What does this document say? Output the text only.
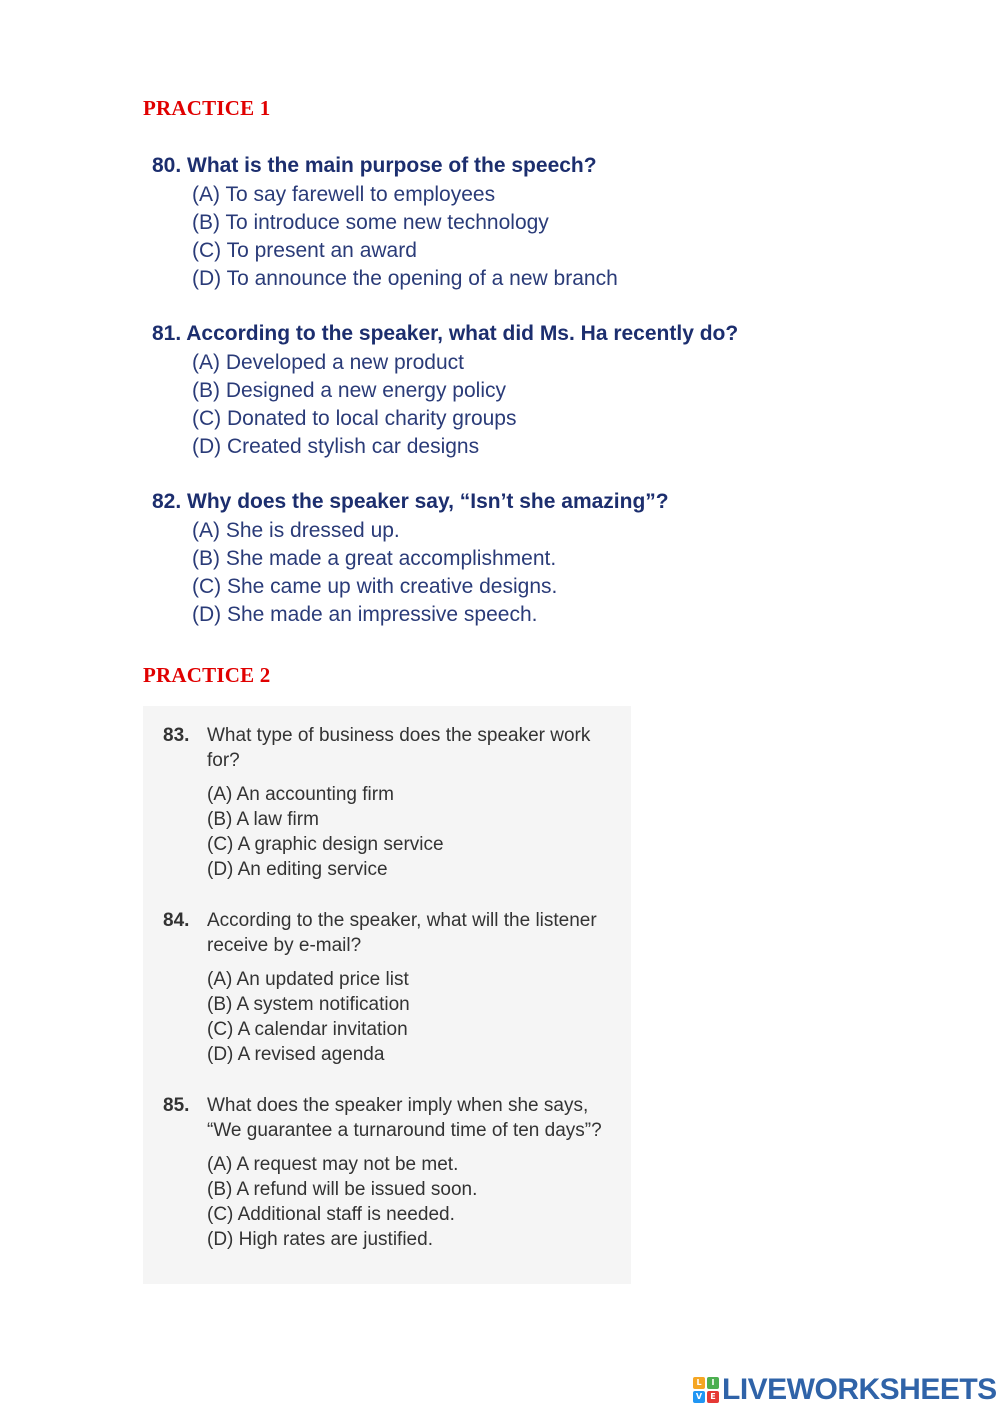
PRACTICE 1
80. What is the main purpose of the speech?
(A) To say farewell to employees
(B) To introduce some new technology
(C) To present an award
(D) To announce the opening of a new branch
81. According to the speaker, what did Ms. Ha recently do?
(A) Developed a new product
(B) Designed a new energy policy
(C) Donated to local charity groups
(D) Created stylish car designs
82. Why does the speaker say, “Isn’t she amazing”?
(A) She is dressed up.
(B) She made a great accomplishment.
(C) She came up with creative designs.
(D) She made an impressive speech.
PRACTICE 2
83. What type of business does the speaker work for?
(A) An accounting firm
(B) A law firm
(C) A graphic design service
(D) An editing service
84. According to the speaker, what will the listener receive by e-mail?
(A) An updated price list
(B) A system notification
(C) A calendar invitation
(D) A revised agenda
85. What does the speaker imply when she says, “We guarantee a turnaround time of ten days”?
(A) A request may not be met.
(B) A refund will be issued soon.
(C) Additional staff is needed.
(D) High rates are justified.
L	I
V	E LIVEWORKSHEETS
